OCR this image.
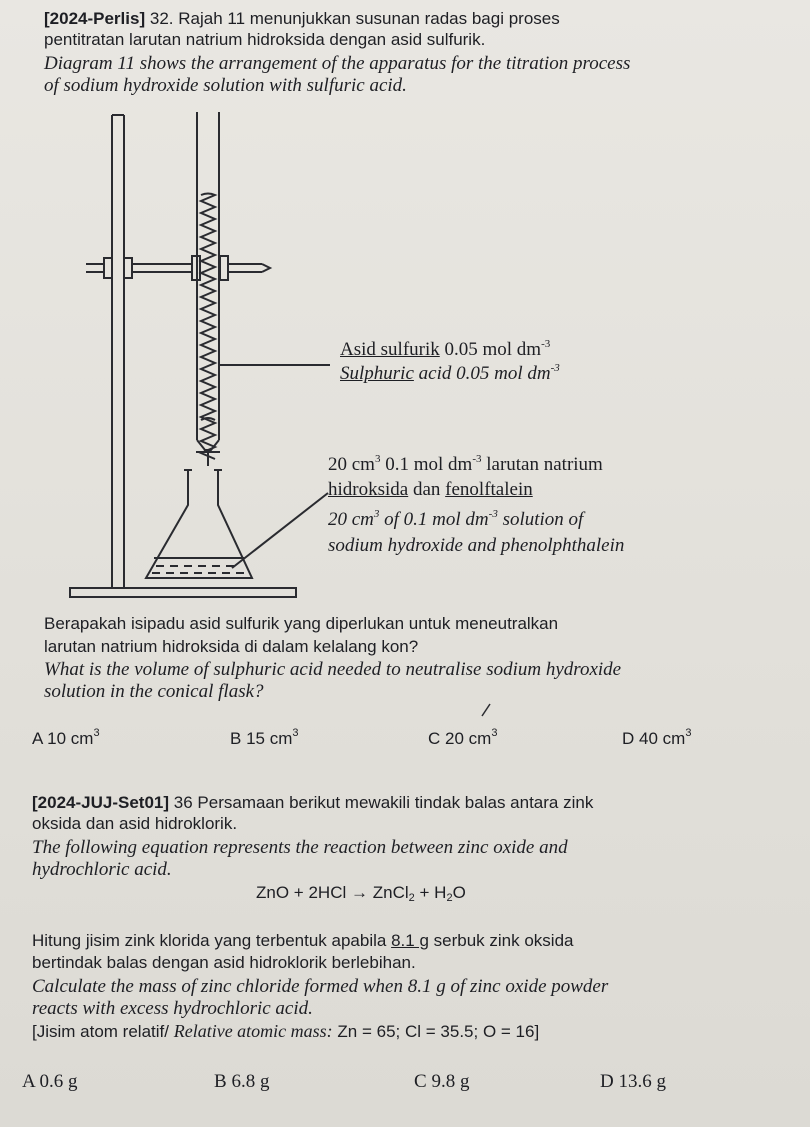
[2024-Perlis] 32. Rajah 11 menunjukkan susunan radas bagi proses
pentitratan larutan natrium hidroksida dengan asid sulfurik.
Diagram 11 shows the arrangement of the apparatus for the titration process
of sodium hydroxide solution with sulfuric acid.
Asid sulfurik 0.05 mol $dm^{-3}$
Sulphuric acid 0.05 mol $dm^{-3}$
20 $cm^3$ 0.1 mol $dm^{-3}$ larutan natrium
hidroksida dan fenolftalein
20 $cm^3$ of 0.1 mol $dm^{-3}$ solution of
sodium hydroxide and phenolphthalein
Berapakah isipadu asid sulfurik yang diperlukan untuk meneutralkan
larutan natrium hidroksida di dalam kelalang kon?
What is the volume of sulphuric acid needed to neutralise sodium hydroxide
solution in the conical flask?
A 10 $cm^3$	B 15 $cm^3$	C 20 $cm^3$	D 40 $cm^3$
[2024-JUJ-Set01] 36 Persamaan berikut mewakili tindak balas antara zink
oksida dan asid hidroklorik.
The following equation represents the reaction between zinc oxide and
hydrochloric acid.
ZnO + 2HCl → ZnCl$_2$ + $H_2O$
Hitung jisim zink klorida yang terbentuk apabila 8.1 g serbuk zink oksida
bertindak balas dengan asid hidroklorik berlebihan.
Calculate the mass of zinc chloride formed when 8.1 g of zinc oxide powder
reacts with excess hydrochloric acid.
[Jisim atom relatif/ Relative atomic mass: Zn = 65; Cl = 35.5; O = 16]
A 0.6 g	B 6.8 g	C 9.8 g	D 13.6 g
